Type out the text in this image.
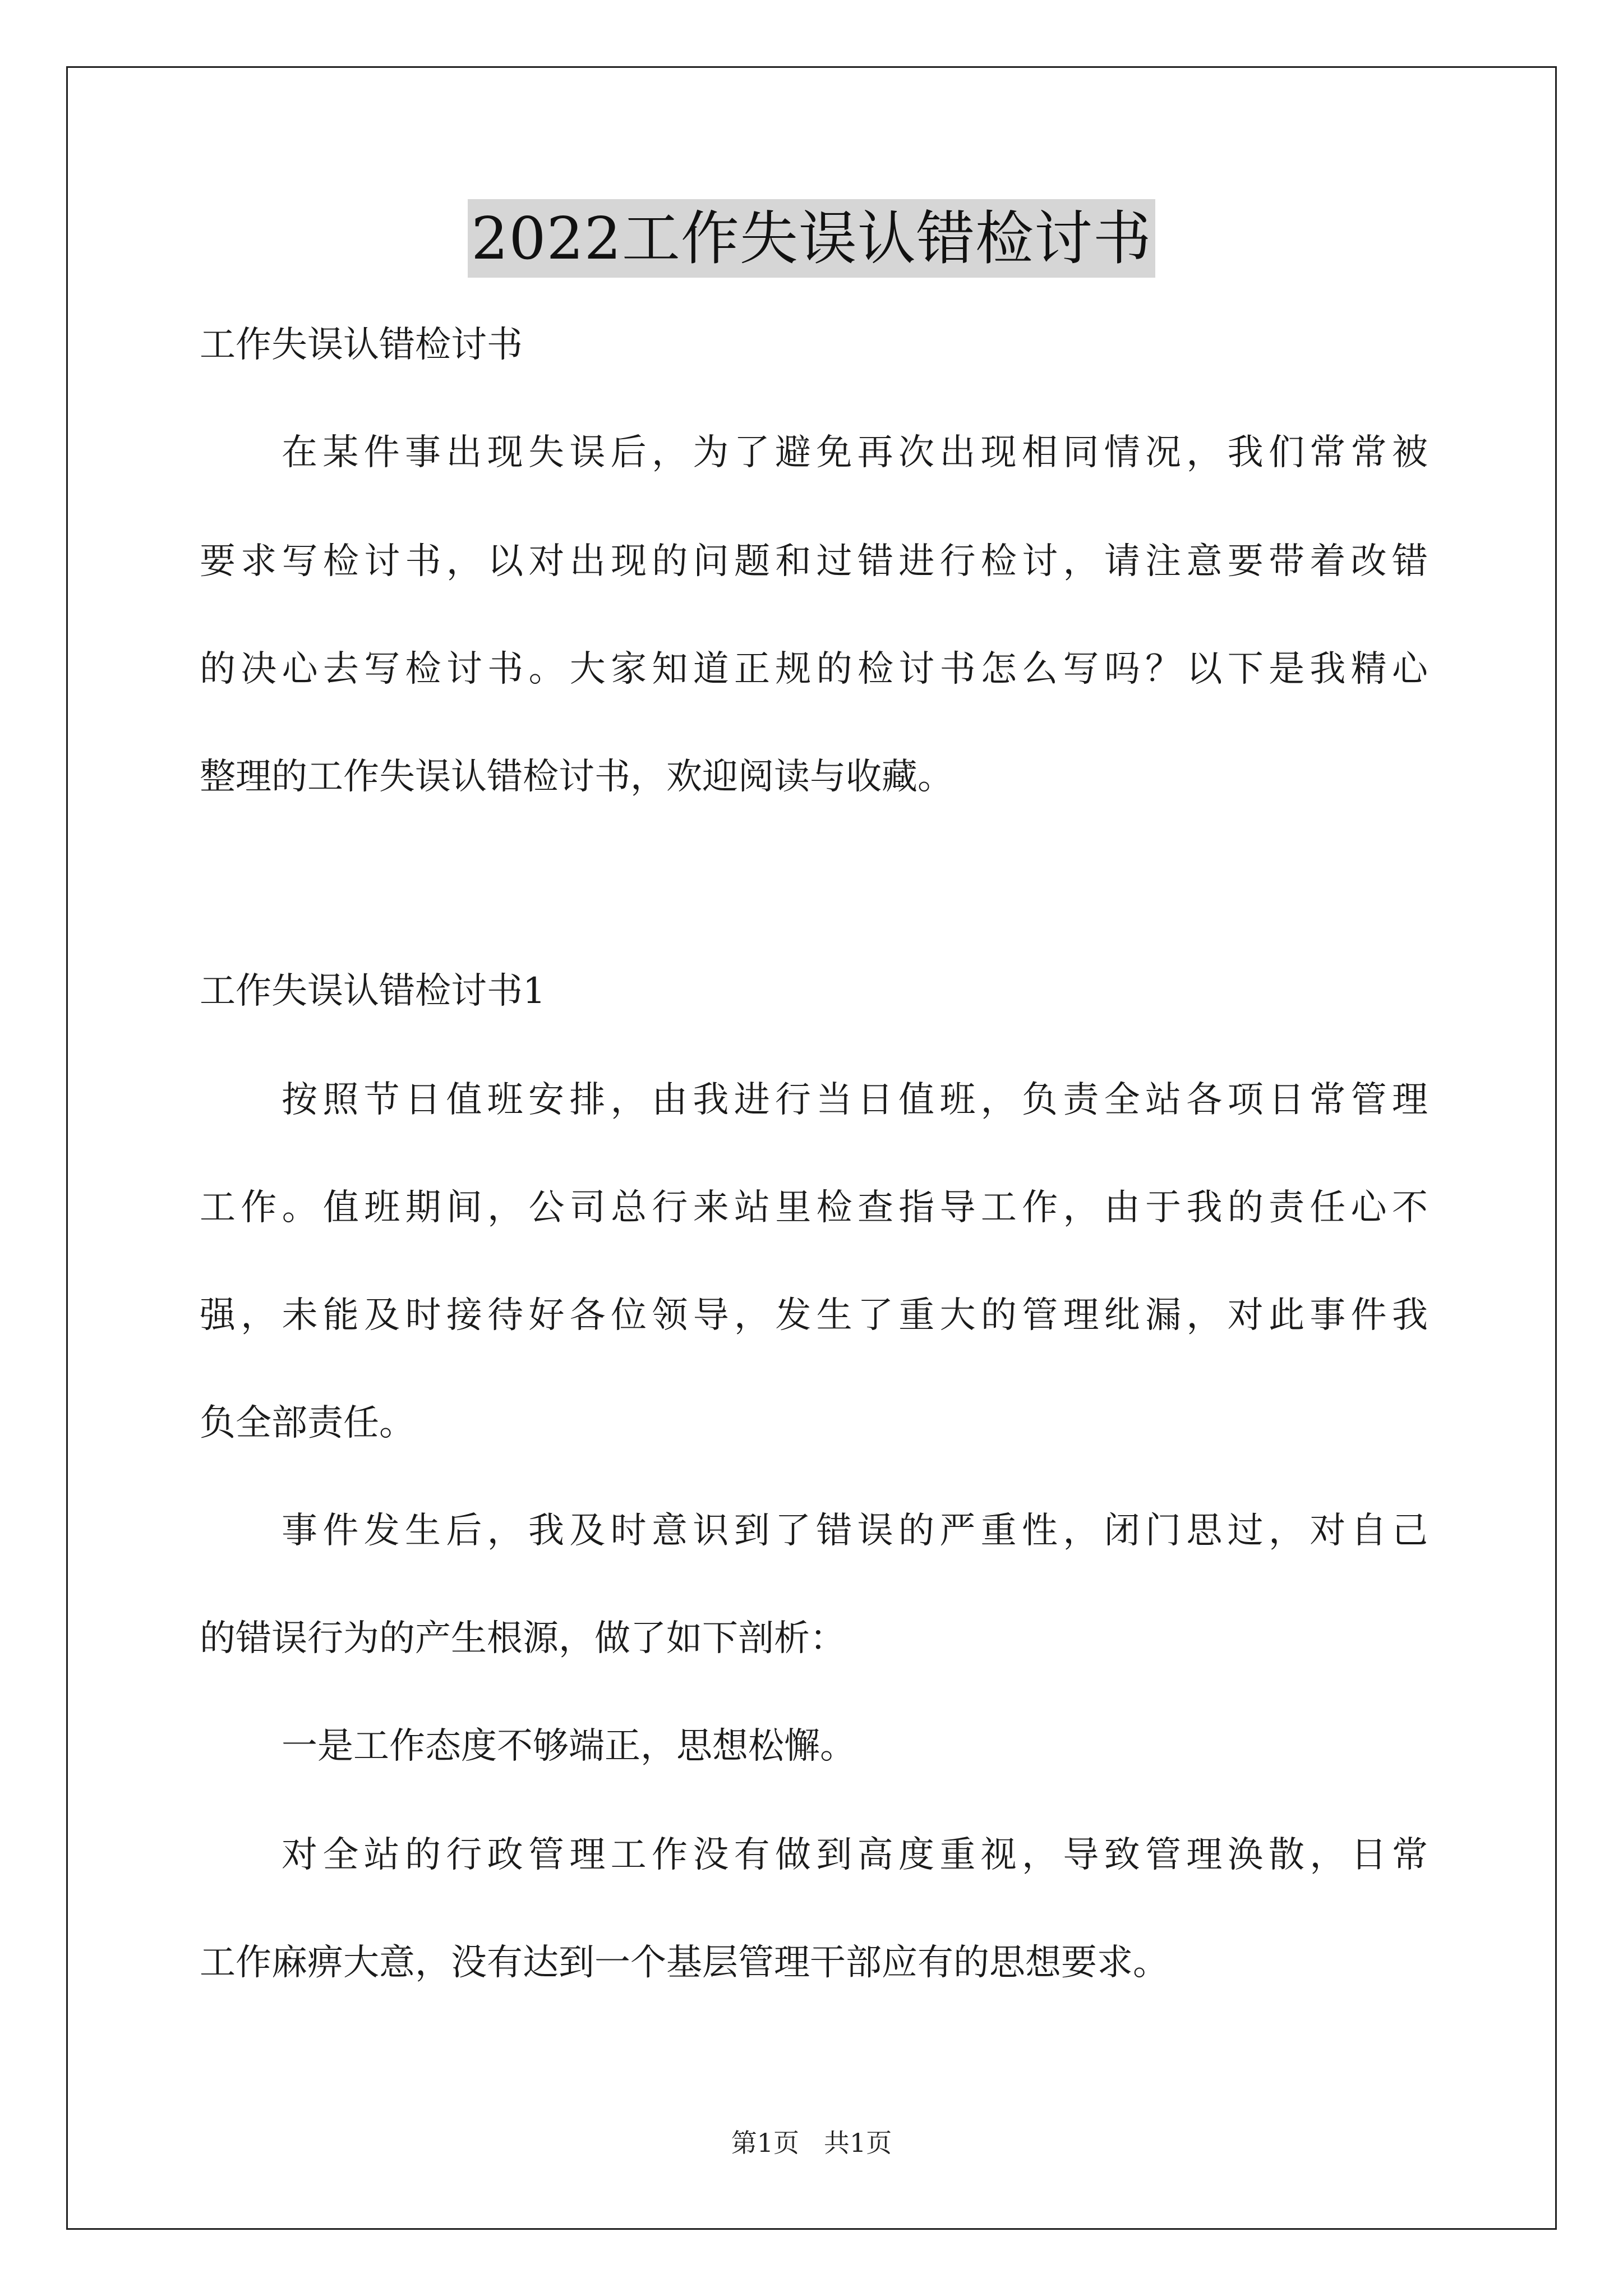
2022工作失误认错检讨书
工作失误认错检讨书
在某件事出现失误后，为了避免再次出现相同情况，我们常常被
要求写检讨书，以对出现的问题和过错进行检讨，请注意要带着改错
的决心去写检讨书。大家知道正规的检讨书怎么写吗？以下是我精心
整理的工作失误认错检讨书，欢迎阅读与收藏。
工作失误认错检讨书1
按照节日值班安排，由我进行当日值班，负责全站各项日常管理
工作。值班期间，公司总行来站里检查指导工作，由于我的责任心不
强，未能及时接待好各位领导，发生了重大的管理纰漏，对此事件我
负全部责任。
事件发生后，我及时意识到了错误的严重性，闭门思过，对自己
的错误行为的产生根源，做了如下剖析：
一是工作态度不够端正，思想松懈。
对全站的行政管理工作没有做到高度重视，导致管理涣散，日常
工作麻痹大意，没有达到一个基层管理干部应有的思想要求。
第1页 共1页
